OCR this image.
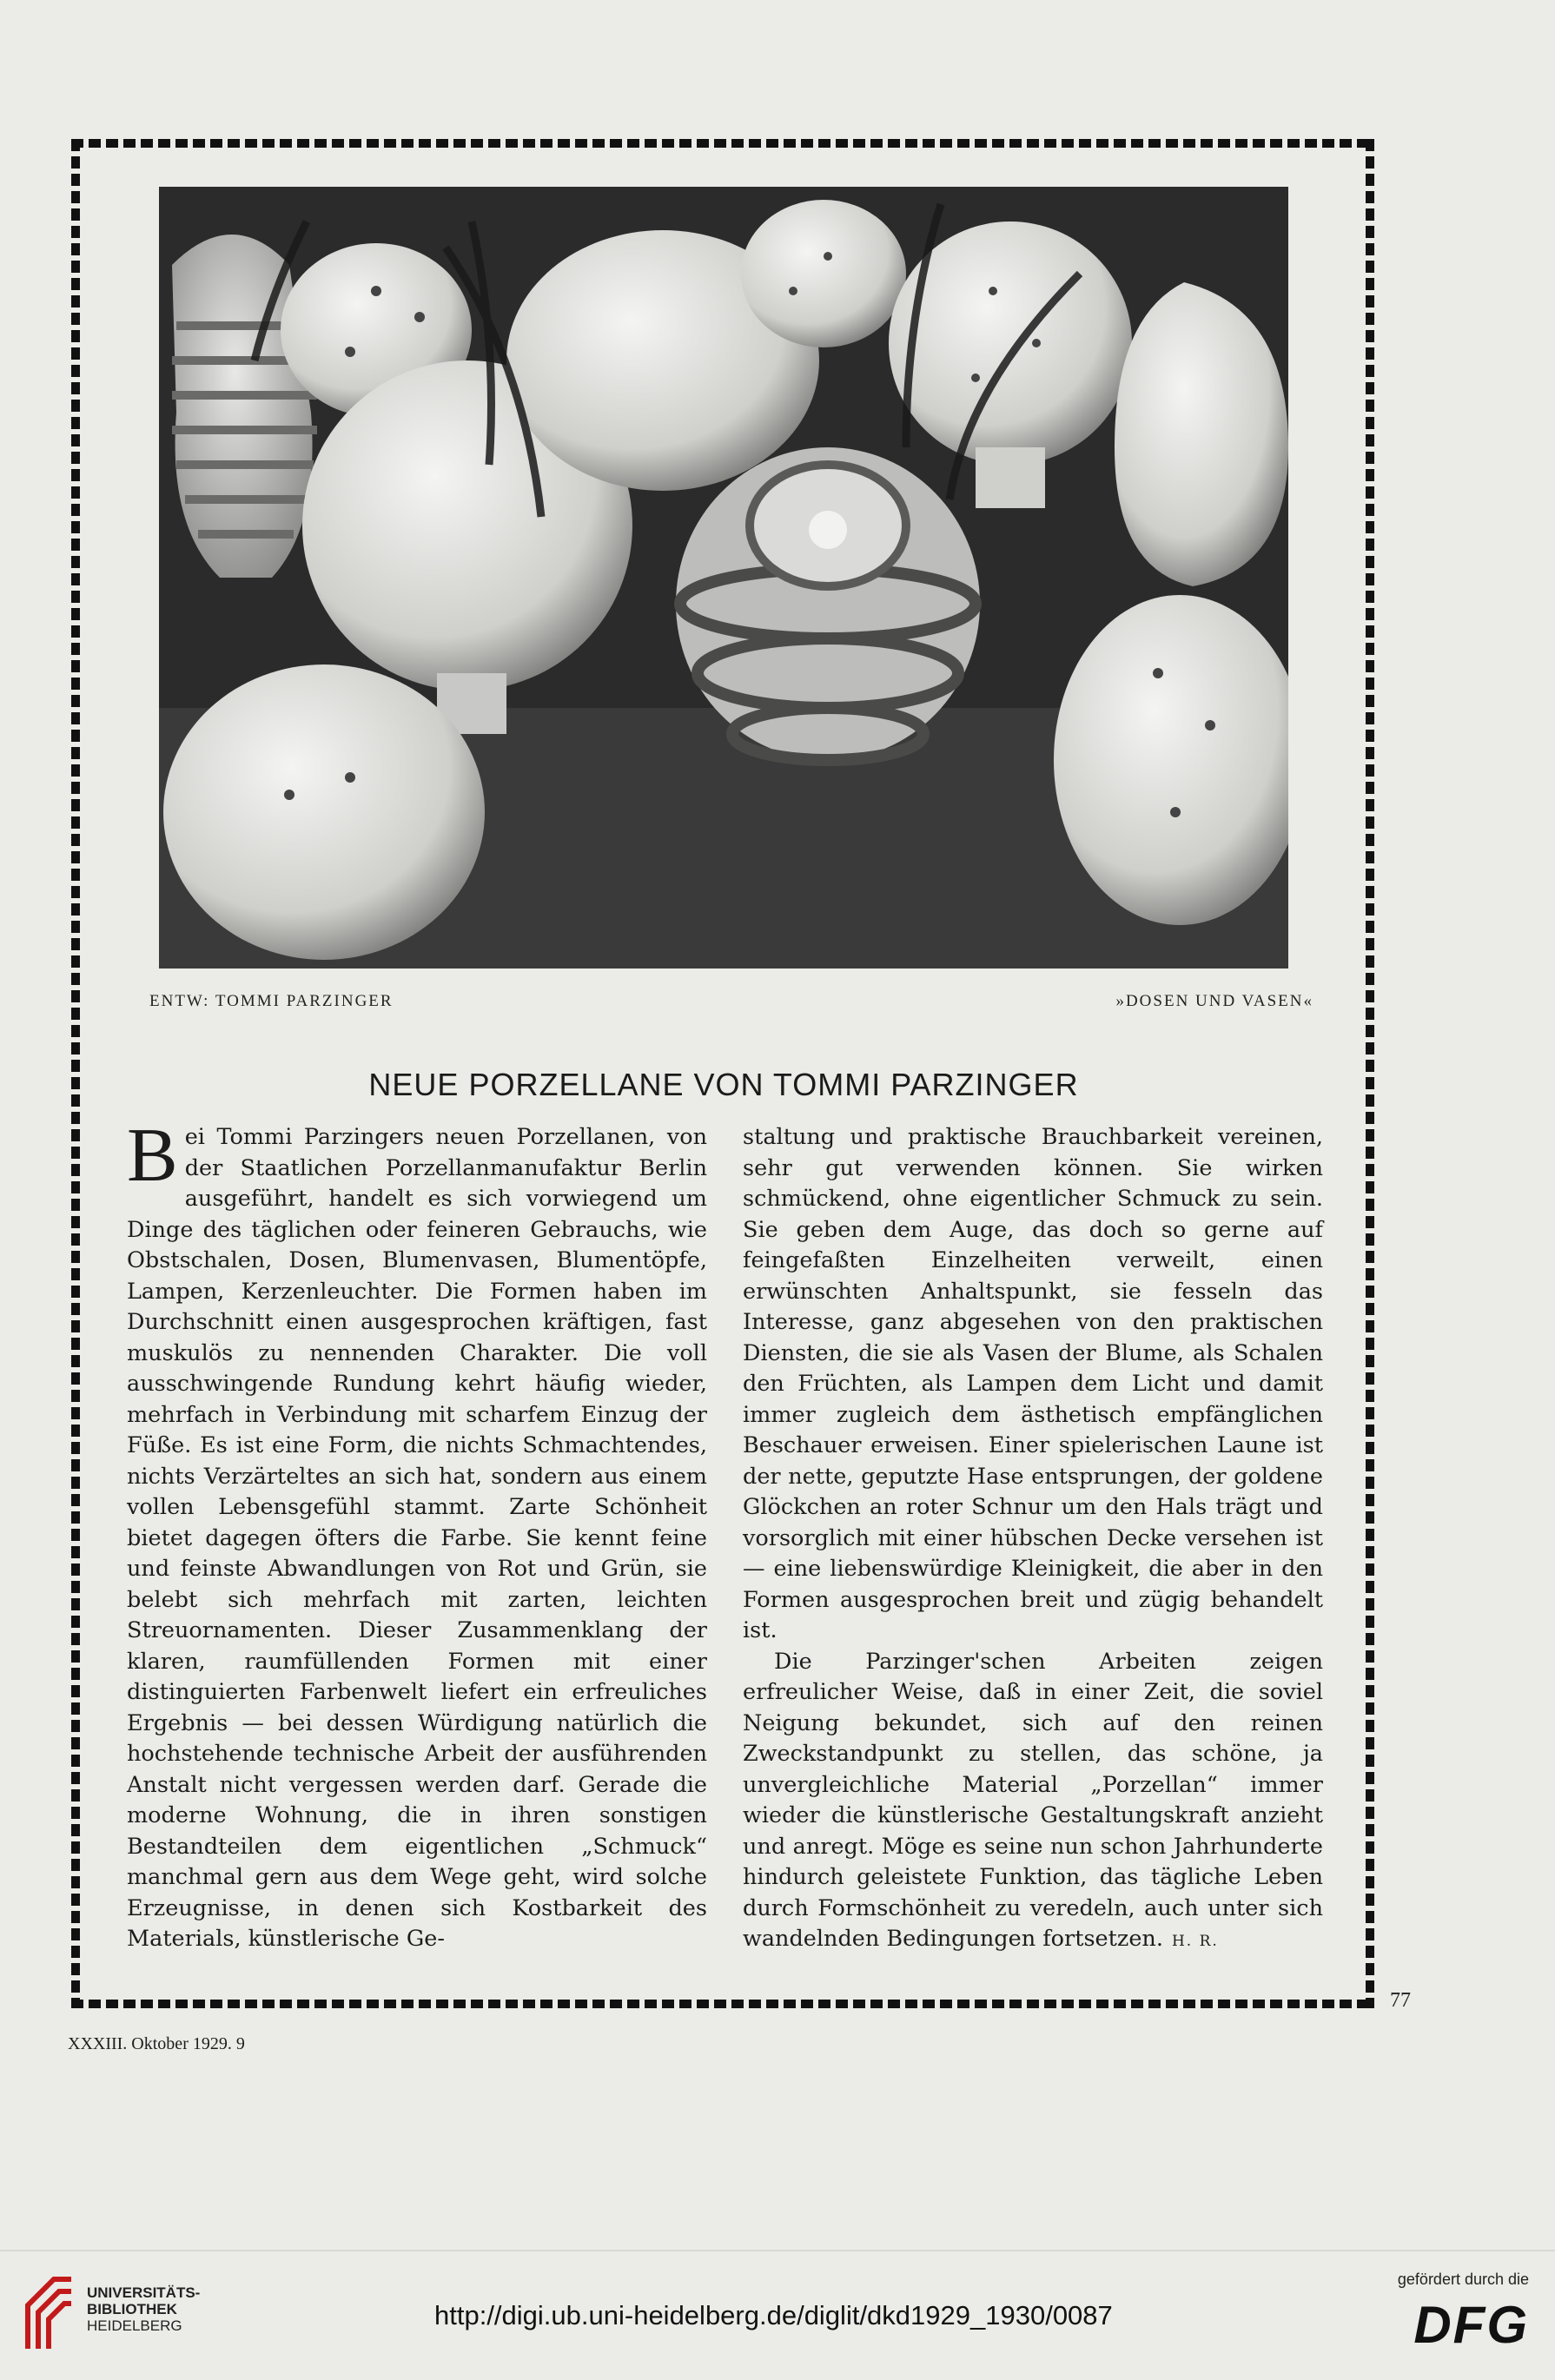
ENTW: TOMMI PARZINGER	»DOSEN UND VASEN«
NEUE PORZELLANE VON TOMMI PARZINGER
B ei Tommi Parzingers neuen Porzellanen, von der Staatlichen Porzellanmanufaktur Berlin ausgeführt, handelt es sich vorwiegend um Dinge des täglichen oder feineren Gebrauchs, wie Obstschalen, Dosen, Blumenvasen, Blumentöpfe, Lampen, Kerzenleuchter. Die Formen haben im Durchschnitt einen ausgesprochen kräftigen, fast muskulös zu nennenden Charakter. Die voll ausschwingende Rundung kehrt häufig wieder, mehrfach in Verbindung mit scharfem Einzug der Füße. Es ist eine Form, die nichts Schmachtendes, nichts Verzärteltes an sich hat, sondern aus einem vollen Lebensgefühl stammt. Zarte Schönheit bietet dagegen öfters die Farbe. Sie kennt feine und feinste Abwandlungen von Rot und Grün, sie belebt sich mehrfach mit zarten, leichten Streuornamenten. Dieser Zusammenklang der klaren, raumfüllenden Formen mit einer distinguierten Farbenwelt liefert ein erfreuliches Ergebnis — bei dessen Würdigung natürlich die hochstehende technische Arbeit der ausführenden Anstalt nicht vergessen werden darf. Gerade die moderne Wohnung, die in ihren sonstigen Bestandteilen dem eigentlichen „Schmuck“ manchmal gern aus dem Wege geht, wird solche Erzeugnisse, in denen sich Kostbarkeit des Materials, künstlerische Ge-
staltung und praktische Brauchbarkeit vereinen, sehr gut verwenden können. Sie wirken schmückend, ohne eigentlicher Schmuck zu sein. Sie geben dem Auge, das doch so gerne auf feingefaßten Einzelheiten verweilt, einen erwünschten Anhaltspunkt, sie fesseln das Interesse, ganz abgesehen von den praktischen Diensten, die sie als Vasen der Blume, als Schalen den Früchten, als Lampen dem Licht und damit immer zugleich dem ästhetisch empfänglichen Beschauer erweisen. Einer spielerischen Laune ist der nette, geputzte Hase entsprungen, der goldene Glöckchen an roter Schnur um den Hals trägt und vorsorglich mit einer hübschen Decke versehen ist — eine liebenswürdige Kleinigkeit, die aber in den Formen ausgesprochen breit und zügig behandelt ist.
Die Parzinger'schen Arbeiten zeigen erfreulicher Weise, daß in einer Zeit, die soviel Neigung bekundet, sich auf den reinen Zweckstandpunkt zu stellen, das schöne, ja unvergleichliche Material „Porzellan“ immer wieder die künstlerische Gestaltungskraft anzieht und anregt. Möge es seine nun schon Jahrhunderte hindurch geleistete Funktion, das tägliche Leben durch Formschönheit zu veredeln, auch unter sich wandelnden Bedingungen fortsetzen. H. R.
77
XXXIII. Oktober 1929. 9
UNIVERSITÄTS-
BIBLIOTHEK
HEIDELBERG	http://digi.ub.uni-heidelberg.de/diglit/dkd1929_1930/0087
gefördert durch die
DFG
